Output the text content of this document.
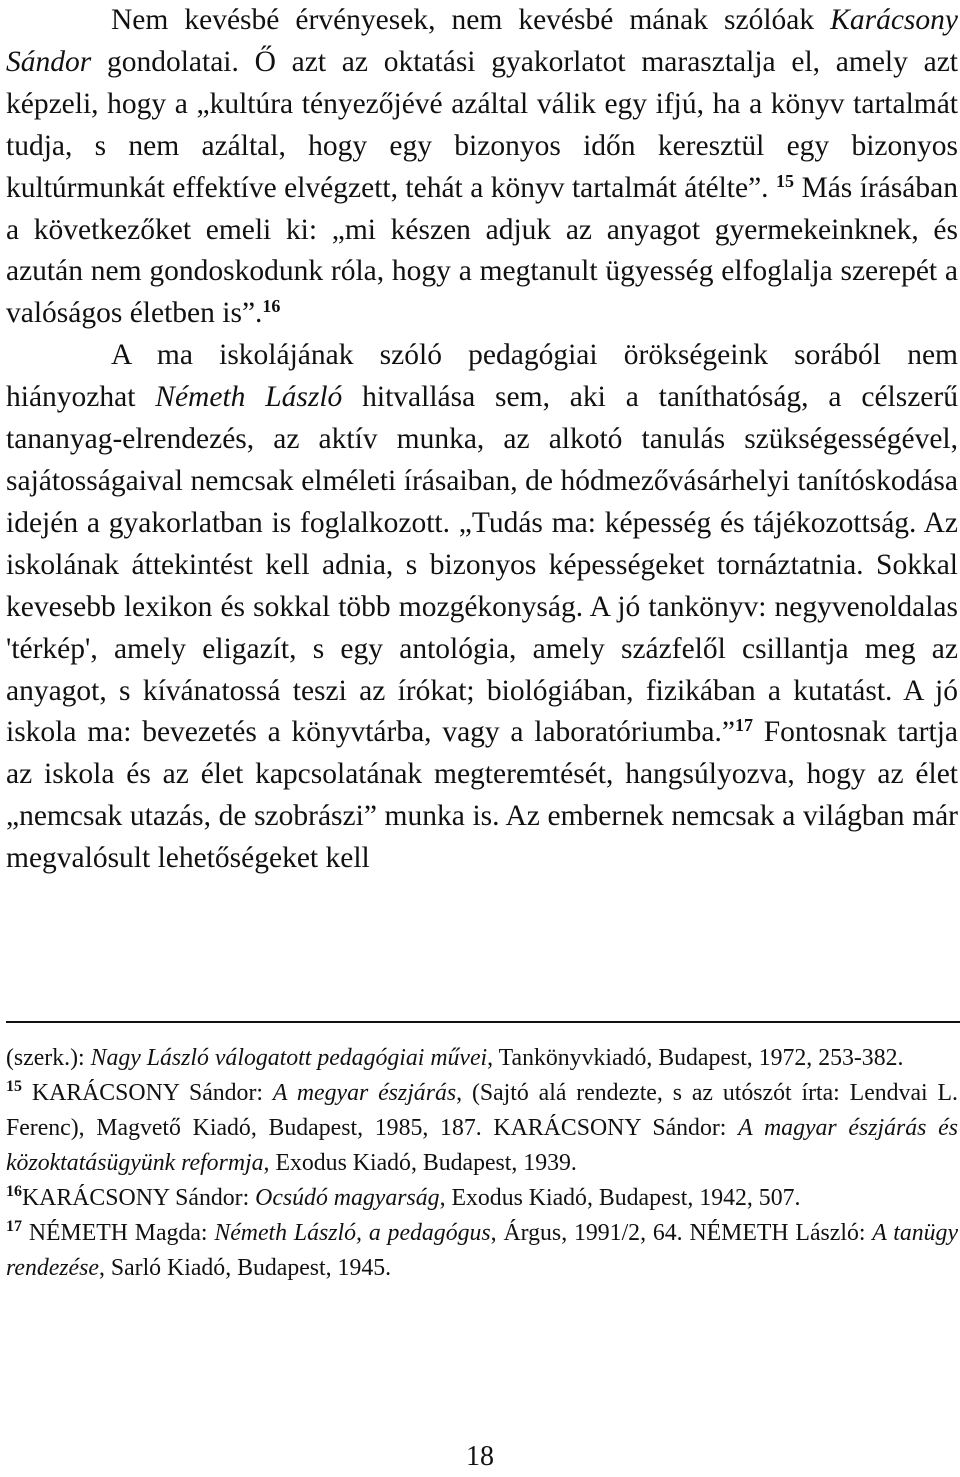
Nem kevésbé érvényesek, nem kevésbé mának szólóak Karácsony Sándor gondolatai. Ő azt az oktatási gyakorlatot marasztalja el, amely azt képzeli, hogy a „kultúra tényezőjévé azáltal válik egy ifjú, ha a könyv tartalmát tudja, s nem azáltal, hogy egy bizonyos időn keresztül egy bizonyos kultúrmunkát effektíve elvégzett, tehát a könyv tartalmát átélte”. $^{15}$ Más írásában a következőket emeli ki: „mi készen adjuk az anyagot gyermekeinknek, és azután nem gondoskodunk róla, hogy a megtanult ügyesség elfoglalja szerepét a valóságos életben is”.$^{16}$

A ma iskolájának szóló pedagógiai örökségeink sorából nem hiányozhat Németh László hitvallása sem, aki a taníthatóság, a célszerű tananyag-elrendezés, az aktív munka, az alkotó tanulás szükségességével, sajátosságaival nemcsak elméleti írásaiban, de hódmezővásárhelyi tanítóskodása idején a gyakorlatban is foglalkozott. „Tudás ma: képesség és tájékozottság. Az iskolának áttekintést kell adnia, s bizonyos képességeket tornáztatnia. Sokkal kevesebb lexikon és sokkal több mozgékonyság. A jó tankönyv: negyvenoldalas 'térkép', amely eligazít, s egy antológia, amely százfelől csillantja meg az anyagot, s kívánatossá teszi az írókat; biológiában, fizikában a kutatást. A jó iskola ma: bevezetés a könyvtárba, vagy a laboratóriumba.”$^{17}$ Fontosnak tartja az iskola és az élet kapcsolatának megteremtését, hangsúlyozva, hogy az élet „nemcsak utazás, de szobrászi” munka is. Az embernek nemcsak a világban már megvalósult lehetőségeket kell

(szerk.): Nagy László válogatott pedagógiai művei, Tankönyvkiadó, Budapest, 1972, 253-382.

$^{15}$ KARÁCSONY Sándor: A megyar észjárás, (Sajtó alá rendezte, s az utószót írta: Lendvai L. Ferenc), Magvető Kiadó, Budapest, 1985, 187. KARÁCSONY Sándor: A magyar észjárás és közoktatásügyünk reformja, Exodus Kiadó, Budapest, 1939.

$^{16}$KARÁCSONY Sándor: Ocsúdó magyarság, Exodus Kiadó, Budapest, 1942, 507.

$^{17}$ NÉMETH Magda: Németh László, a pedagógus, Árgus, 1991/2, 64. NÉMETH László: A tanügy rendezése, Sarló Kiadó, Budapest, 1945.

18
